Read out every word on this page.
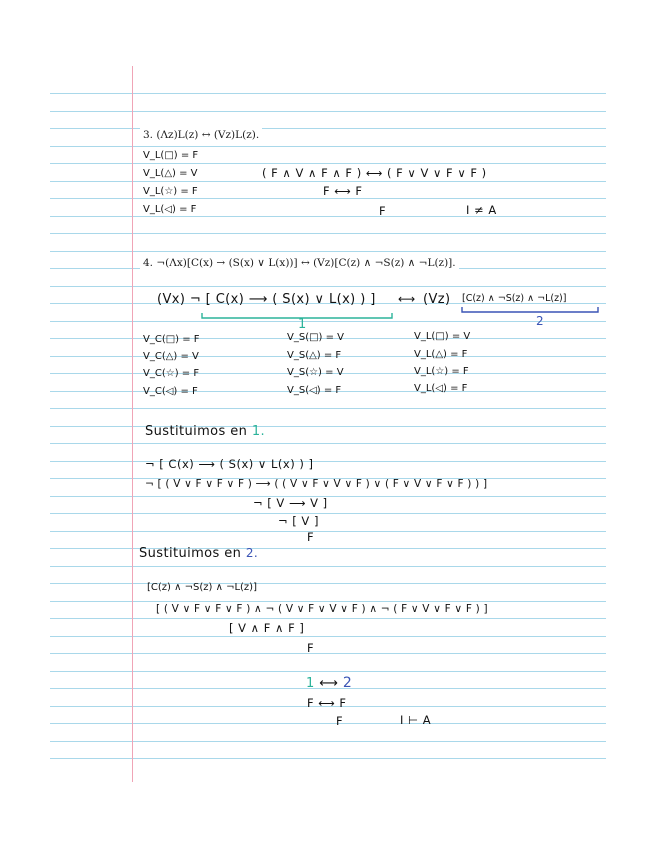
3. (Λz)L(z) ↔ (Vz)L(z).
V_L(□) = F
V_L(△) = V
V_L(☆) = F
V_L(◁) = F
( F ∧ V ∧ F ∧ F ) ⟷ ( F ∨ V ∨ F ∨ F )
F ⟷ F
F	I ≠ A
4. ¬(Λx)[C(x) → (S(x) ∨ L(x))] ↔ (Vz)[C(z) ∧ ¬S(z) ∧ ¬L(z)].
(Vx) ¬ [ C(x) ⟶ ( S(x) ∨ L(x) ) ] ⟷ (Vz) [C(z) ∧ ¬S(z) ∧ ¬L(z)]
1	2
V_C(□) = F
V_C(△) = V
V_C(☆) = F
V_C(◁) = F
V_S(□) = V
V_S(△) = F
V_S(☆) = V
V_S(◁) = F
V_L(□) = V
V_L(△) = F
V_L(☆) = F
V_L(◁) = F
Sustituimos en 1.
¬ [ C(x) ⟶ ( S(x) ∨ L(x) ) ]
¬ [ ( V ∨ F ∨ F ∨ F ) ⟶ ( ( V ∨ F ∨ V ∨ F ) ∨ ( F ∨ V ∨ F ∨ F ) ) ]
¬ [ V ⟶ V ]
¬ [ V ]
F
Sustituimos en 2.
[C(z) ∧ ¬S(z) ∧ ¬L(z)]
[ ( V ∨ F ∨ F ∨ F ) ∧ ¬ ( V ∨ F ∨ V ∨ F ) ∧ ¬ ( F ∨ V ∨ F ∨ F ) ]
[ V ∧ F ∧ F ]
F
1 ⟷ 2
F ⟷ F
F	I ⊢ A
